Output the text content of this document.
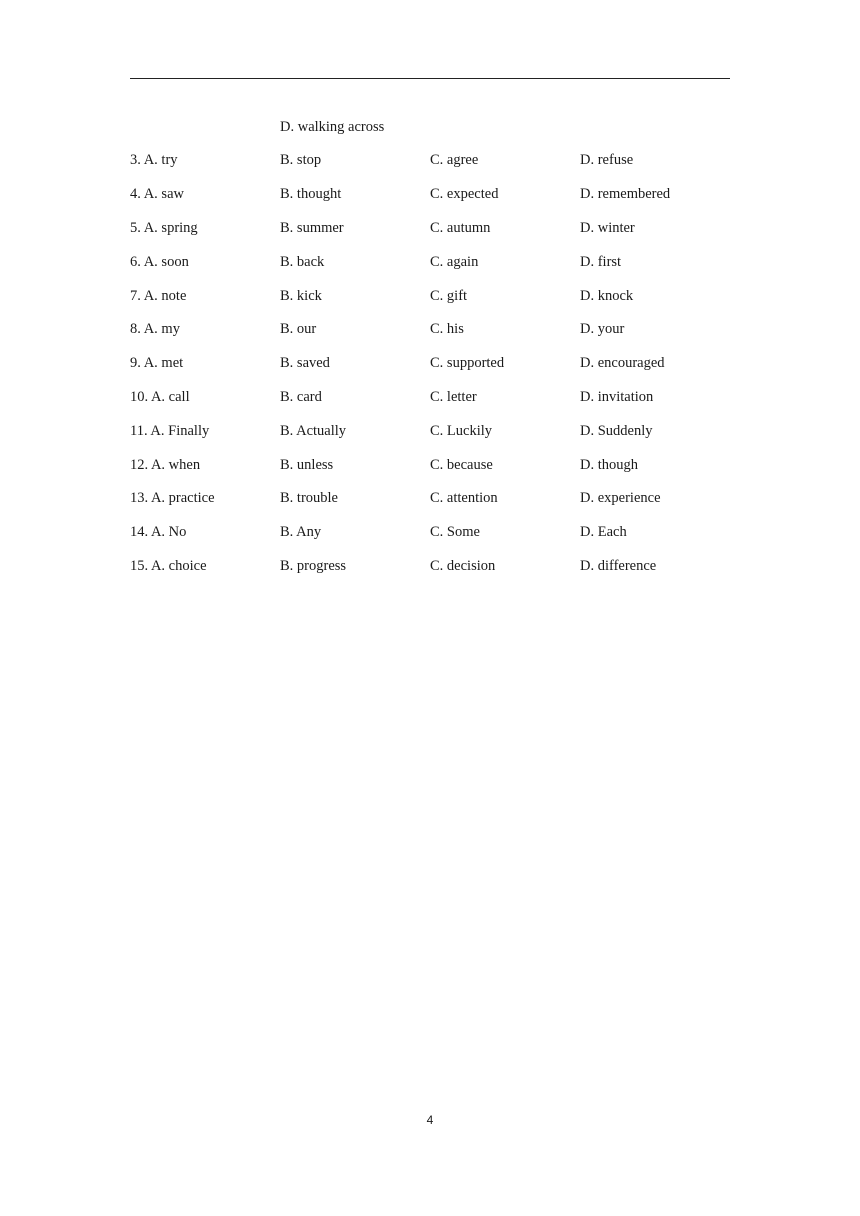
D. walking across
3. A. try	B. stop	C. agree	D. refuse
4. A. saw	B. thought	C. expected	D. remembered
5. A. spring	B. summer	C. autumn	D. winter
6. A. soon	B. back	C. again	D. first
7. A. note	B. kick	C. gift	D. knock
8. A. my	B. our	C. his	D. your
9. A. met	B. saved	C. supported	D. encouraged
10. A. call	B. card	C. letter	D. invitation
11. A. Finally	B. Actually	C. Luckily	D. Suddenly
12. A. when	B. unless	C. because	D. though
13. A. practice	B. trouble	C. attention	D. experience
14. A. No	B. Any	C. Some	D. Each
15. A. choice	B. progress	C. decision	D. difference
4
